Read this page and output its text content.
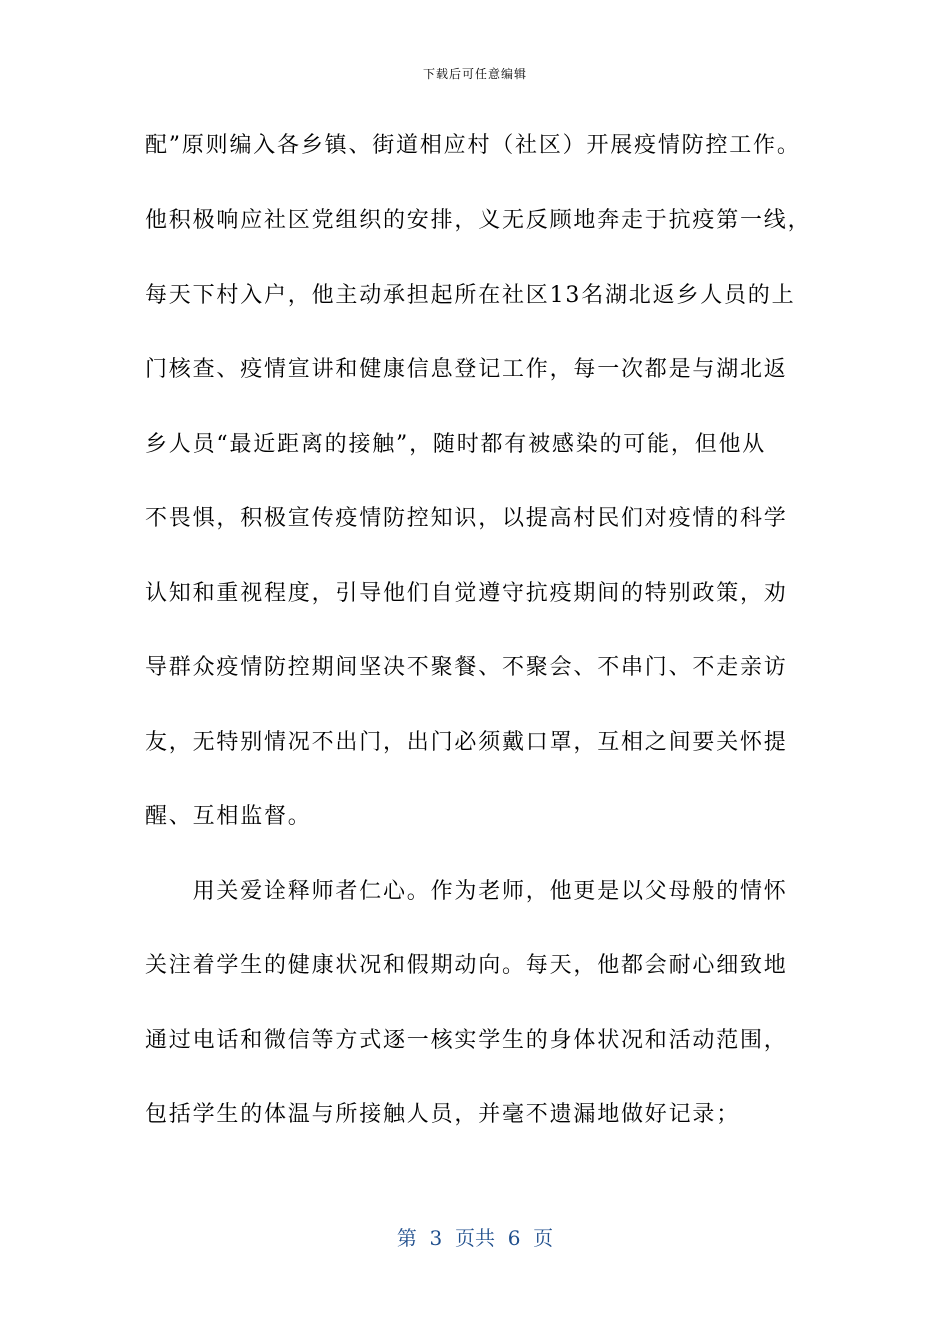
下载后可任意编辑
配”原则编入各乡镇、街道相应村（社区）开展疫情防控工作。
他积极响应社区党组织的安排，义无反顾地奔走于抗疫第一线，
每天下村入户，他主动承担起所在社区13名湖北返乡人员的上
门核查、疫情宣讲和健康信息登记工作，每一次都是与湖北返
乡人员“最近距离的接触”，随时都有被感染的可能，但他从
不畏惧，积极宣传疫情防控知识，以提高村民们对疫情的科学
认知和重视程度，引导他们自觉遵守抗疫期间的特别政策，劝
导群众疫情防控期间坚决不聚餐、不聚会、不串门、不走亲访
友，无特别情况不出门，出门必须戴口罩，互相之间要关怀提
醒、互相监督。
　　用关爱诠释师者仁心。作为老师，他更是以父母般的情怀
关注着学生的健康状况和假期动向。每天，他都会耐心细致地
通过电话和微信等方式逐一核实学生的身体状况和活动范围，
包括学生的体温与所接触人员，并毫不遗漏地做好记录；
第  3  页共  6  页
